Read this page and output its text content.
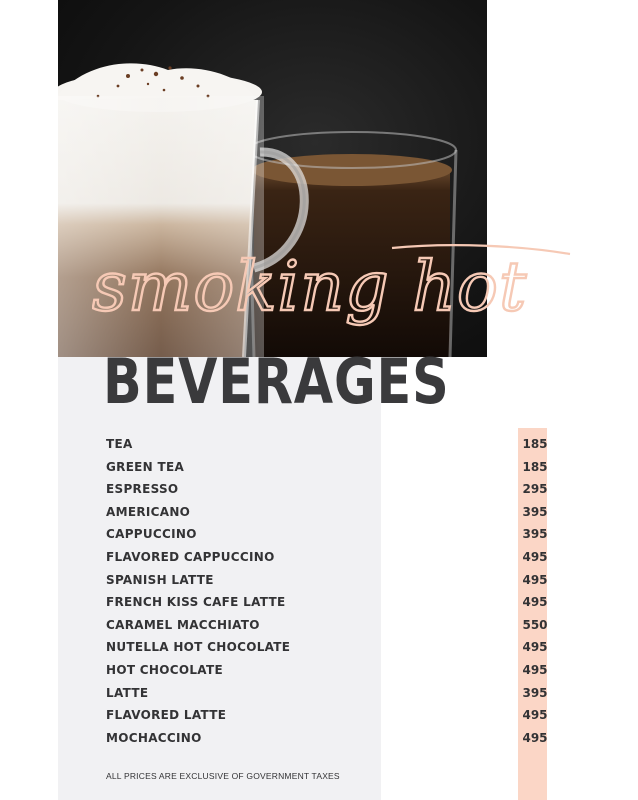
smoking hot
BEVERAGES
TEA	185
GREEN TEA	185
ESPRESSO	295
AMERICANO	395
CAPPUCCINO	395
FLAVORED CAPPUCCINO	495
SPANISH LATTE	495
FRENCH KISS CAFE LATTE	495
CARAMEL MACCHIATO	550
NUTELLA HOT CHOCOLATE	495
HOT CHOCOLATE	495
LATTE	395
FLAVORED LATTE	495
MOCHACCINO	495
ALL PRICES ARE EXCLUSIVE OF GOVERNMENT TAXES
